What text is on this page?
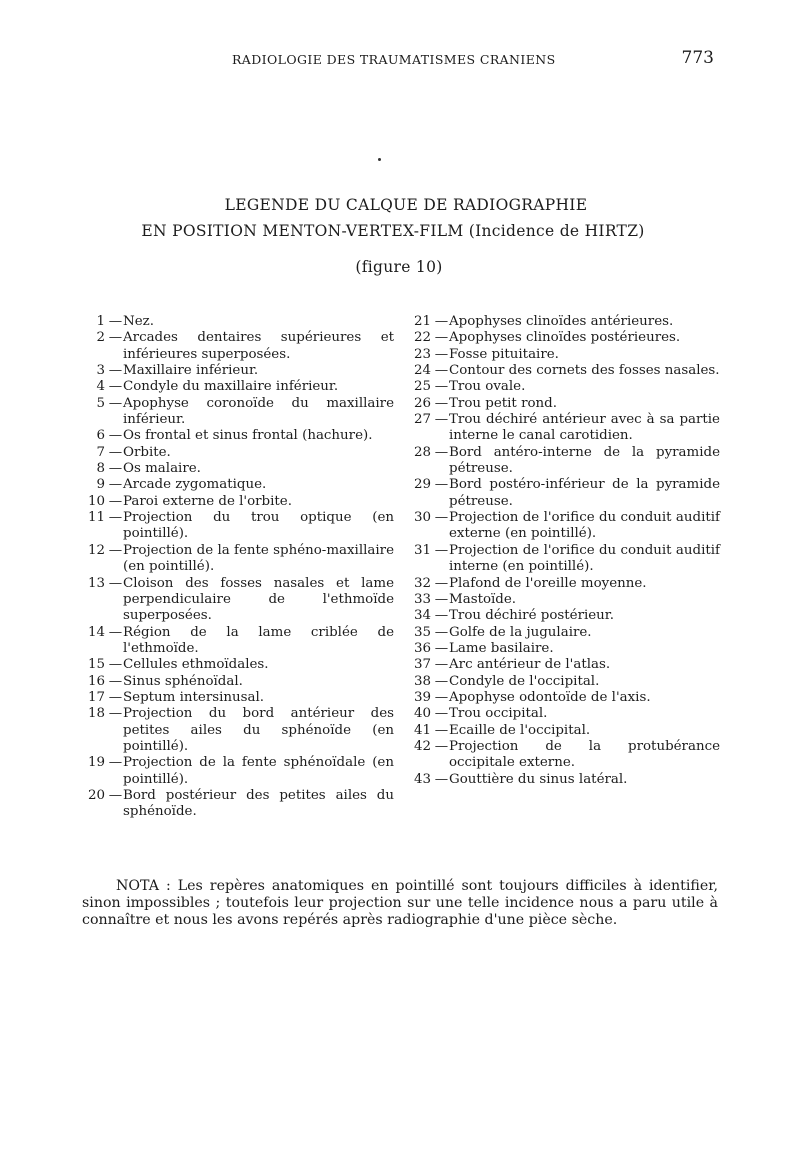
RADIOLOGIE DES TRAUMATISMES CRANIENS	773
LEGENDE DU CALQUE DE RADIOGRAPHIE
EN POSITION MENTON-VERTEX-FILM (Incidence de HIRTZ)
(figure 10)
1 — Nez.
2 — Arcades dentaires supérieures et inférieures superposées.
3 — Maxillaire inférieur.
4 — Condyle du maxillaire inférieur.
5 — Apophyse coronoïde du maxillaire inférieur.
6 — Os frontal et sinus frontal (hachure).
7 — Orbite.
8 — Os malaire.
9 — Arcade zygomatique.
10 — Paroi externe de l'orbite.
11 — Projection du trou optique (en pointillé).
12 — Projection de la fente sphéno-maxillaire (en pointillé).
13 — Cloison des fosses nasales et lame perpendiculaire de l'ethmoïde superposées.
14 — Région de la lame criblée de l'ethmoïde.
15 — Cellules ethmoïdales.
16 — Sinus sphénoïdal.
17 — Septum intersinusal.
18 — Projection du bord antérieur des petites ailes du sphénoïde (en pointillé).
19 — Projection de la fente sphénoïdale (en pointillé).
20 — Bord postérieur des petites ailes du sphénoïde.
21 — Apophyses clinoïdes antérieures.
22 — Apophyses clinoïdes postérieures.
23 — Fosse pituitaire.
24 — Contour des cornets des fosses nasales.
25 — Trou ovale.
26 — Trou petit rond.
27 — Trou déchiré antérieur avec à sa partie interne le canal carotidien.
28 — Bord antéro-interne de la pyramide pétreuse.
29 — Bord postéro-inférieur de la pyramide pétreuse.
30 — Projection de l'orifice du conduit auditif externe (en pointillé).
31 — Projection de l'orifice du conduit auditif interne (en pointillé).
32 — Plafond de l'oreille moyenne.
33 — Mastoïde.
34 — Trou déchiré postérieur.
35 — Golfe de la jugulaire.
36 — Lame basilaire.
37 — Arc antérieur de l'atlas.
38 — Condyle de l'occipital.
39 — Apophyse odontoïde de l'axis.
40 — Trou occipital.
41 — Ecaille de l'occipital.
42 — Projection de la protubérance occipitale externe.
43 — Gouttière du sinus latéral.
NOTA : Les repères anatomiques en pointillé sont toujours difficiles à identifier, sinon impossibles ; toutefois leur projection sur une telle incidence nous a paru utile à connaître et nous les avons repérés après radiographie d'une pièce sèche.
